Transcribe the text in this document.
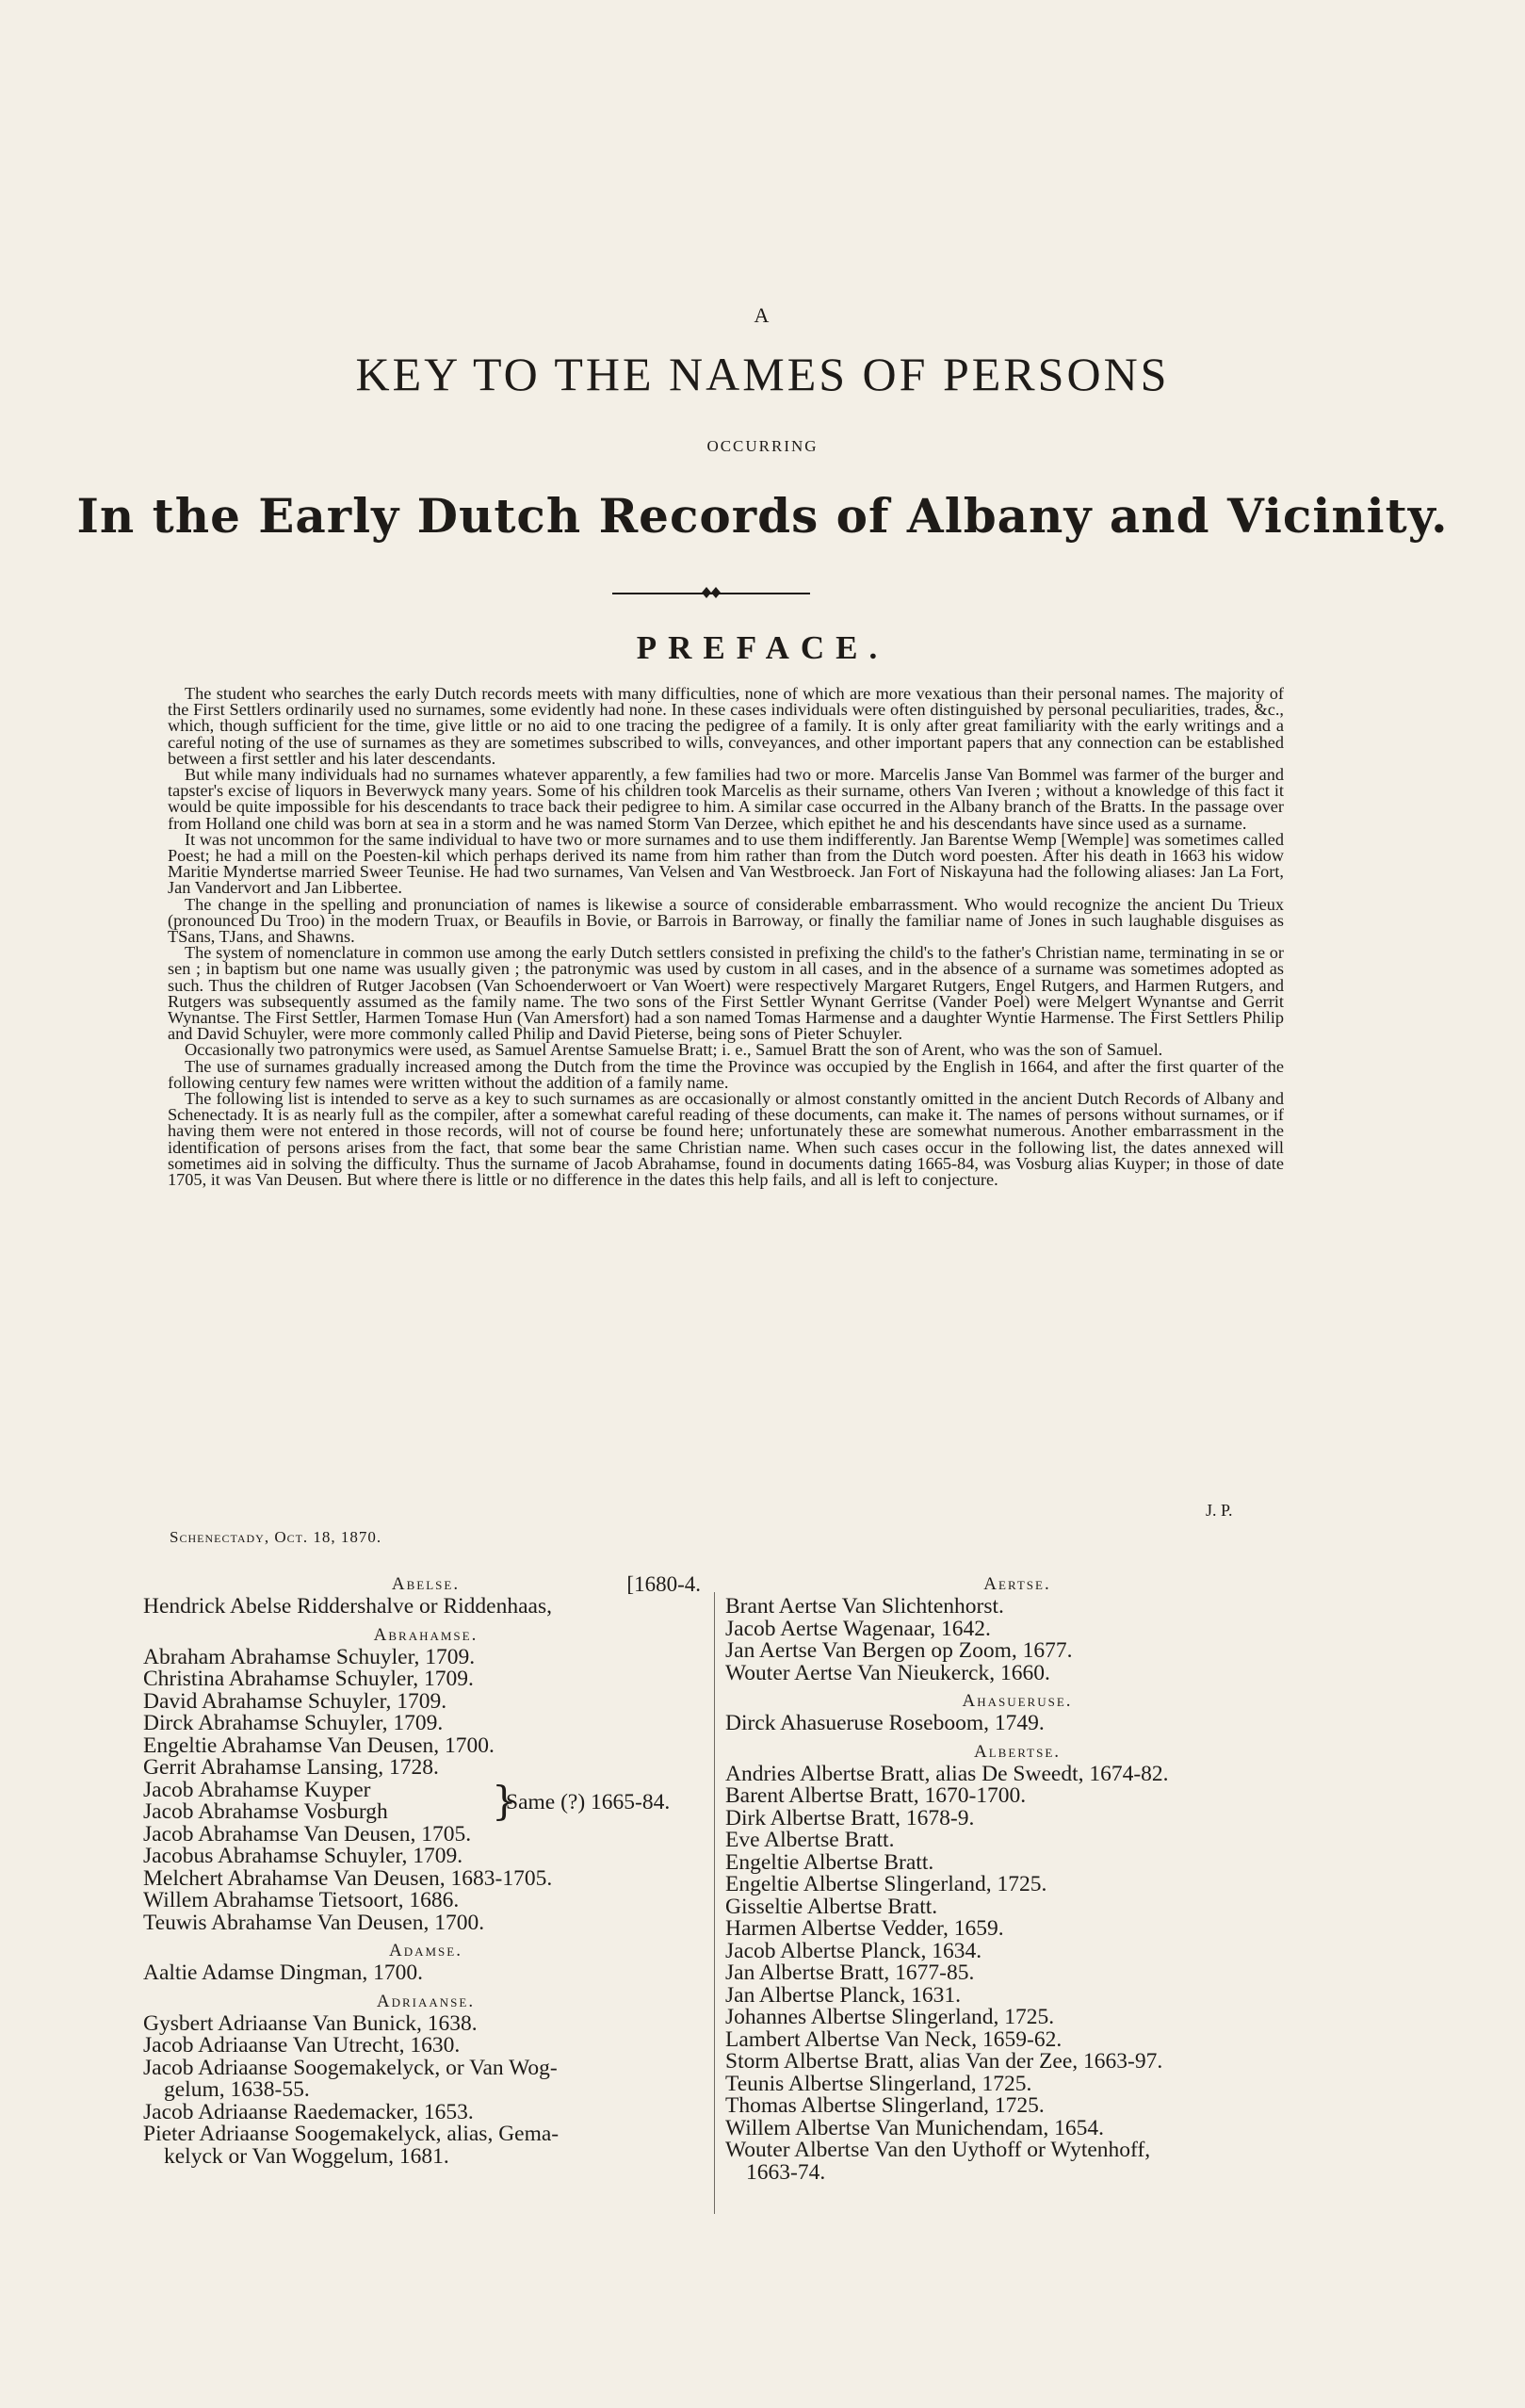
A
KEY TO THE NAMES OF PERSONS
OCCURRING
In the Early Dutch Records of Albany and Vicinity.
PREFACE.

The student who searches the early Dutch records meets with many difficulties, none of which are more vexatious than their personal names. The majority of the First Settlers ordinarily used no surnames, some evidently had none. In these cases individuals were often distinguished by personal peculiarities, trades, &c., which, though sufficient for the time, give little or no aid to one tracing the pedigree of a family. It is only after great familiarity with the early writings and a careful noting of the use of surnames as they are sometimes subscribed to wills, conveyances, and other important papers that any connection can be established between a first settler and his later descendants.

But while many individuals had no surnames whatever apparently, a few families had two or more. Marcelis Janse Van Bommel was farmer of the burger and tapster's excise of liquors in Beverwyck many years. Some of his children took Marcelis as their surname, others Van Iveren ; without a knowledge of this fact it would be quite impossible for his descendants to trace back their pedigree to him. A similar case occurred in the Albany branch of the Bratts. In the passage over from Holland one child was born at sea in a storm and he was named Storm Van Derzee, which epithet he and his descendants have since used as a surname.

It was not uncommon for the same individual to have two or more surnames and to use them indifferently. Jan Barentse Wemp [Wemple] was sometimes called Poest; he had a mill on the Poesten-kil which perhaps derived its name from him rather than from the Dutch word poesten. After his death in 1663 his widow Maritie Myndertse married Sweer Teunise. He had two surnames, Van Velsen and Van Westbroeck. Jan Fort of Niskayuna had the following aliases: Jan La Fort, Jan Vandervort and Jan Libbertee.

The change in the spelling and pronunciation of names is likewise a source of considerable embarrassment. Who would recognize the ancient Du Trieux (pronounced Du Troo) in the modern Truax, or Beaufils in Bovie, or Barrois in Barroway, or finally the familiar name of Jones in such laughable disguises as TSans, TJans, and Shawns.

The system of nomenclature in common use among the early Dutch settlers consisted in prefixing the child's to the father's Christian name, terminating in se or sen ; in baptism but one name was usually given ; the patronymic was used by custom in all cases, and in the absence of a surname was sometimes adopted as such. Thus the children of Rutger Jacobsen (Van Schoenderwoert or Van Woert) were respectively Margaret Rutgers, Engel Rutgers, and Harmen Rutgers, and Rutgers was subsequently assumed as the family name. The two sons of the First Settler Wynant Gerritse (Vander Poel) were Melgert Wynantse and Gerrit Wynantse. The First Settler, Harmen Tomase Hun (Van Amersfort) had a son named Tomas Harmense and a daughter Wyntie Harmense. The First Settlers Philip and David Schuyler, were more commonly called Philip and David Pieterse, being sons of Pieter Schuyler.

Occasionally two patronymics were used, as Samuel Arentse Samuelse Bratt; i. e., Samuel Bratt the son of Arent, who was the son of Samuel.

The use of surnames gradually increased among the Dutch from the time the Province was occupied by the English in 1664, and after the first quarter of the following century few names were written without the addition of a family name.

The following list is intended to serve as a key to such surnames as are occasionally or almost constantly omitted in the ancient Dutch Records of Albany and Schenectady. It is as nearly full as the compiler, after a somewhat careful reading of these documents, can make it. The names of persons without surnames, or if having them were not entered in those records, will not of course be found here; unfortunately these are somewhat numerous. Another embarrassment in the identification of persons arises from the fact, that some bear the same Christian name. When such cases occur in the following list, the dates annexed will sometimes aid in solving the difficulty. Thus the surname of Jacob Abrahamse, found in documents dating 1665-84, was Vosburg alias Kuyper; in those of date 1705, it was Van Deusen. But where there is little or no difference in the dates this help fails, and all is left to conjecture.

J. P.
Schenectady, Oct. 18, 1870.
Abelse.	[1680-4.
Hendrick Abelse Riddershalve or Riddenhaas,
Abrahamse.
Abraham Abrahamse Schuyler, 1709.
Christina Abrahamse Schuyler, 1709.
David Abrahamse Schuyler, 1709.
Dirck Abrahamse Schuyler, 1709.
Engeltie Abrahamse Van Deusen, 1700.
Gerrit Abrahamse Lansing, 1728.
Jacob Abrahamse Kuyper
Jacob Abrahamse Vosburgh	}
Same (?) 1665-84.
Jacob Abrahamse Van Deusen, 1705.
Jacobus Abrahamse Schuyler, 1709.
Melchert Abrahamse Van Deusen, 1683-1705.
Willem Abrahamse Tietsoort, 1686.
Teuwis Abrahamse Van Deusen, 1700.
Adamse.
Aaltie Adamse Dingman, 1700.
Adriaanse.
Gysbert Adriaanse Van Bunick, 1638.
Jacob Adriaanse Van Utrecht, 1630.
Jacob Adriaanse Soogemakelyck, or Van Wog-
gelum, 1638-55.
Jacob Adriaanse Raedemacker, 1653.
Pieter Adriaanse Soogemakelyck, alias, Gema-
kelyck or Van Woggelum, 1681.
Aertse.
Brant Aertse Van Slichtenhorst.
Jacob Aertse Wagenaar, 1642.
Jan Aertse Van Bergen op Zoom, 1677.
Wouter Aertse Van Nieukerck, 1660.
Ahasueruse.
Dirck Ahasueruse Roseboom, 1749.
Albertse.
Andries Albertse Bratt, alias De Sweedt, 1674-82.
Barent Albertse Bratt, 1670-1700.
Dirk Albertse Bratt, 1678-9.
Eve Albertse Bratt.
Engeltie Albertse Bratt.
Engeltie Albertse Slingerland, 1725.
Gisseltie Albertse Bratt.
Harmen Albertse Vedder, 1659.
Jacob Albertse Planck, 1634.
Jan Albertse Bratt, 1677-85.
Jan Albertse Planck, 1631.
Johannes Albertse Slingerland, 1725.
Lambert Albertse Van Neck, 1659-62.
Storm Albertse Bratt, alias Van der Zee, 1663-97.
Teunis Albertse Slingerland, 1725.
Thomas Albertse Slingerland, 1725.
Willem Albertse Van Munichendam, 1654.
Wouter Albertse Van den Uythoff or Wytenhoff,
1663-74.
